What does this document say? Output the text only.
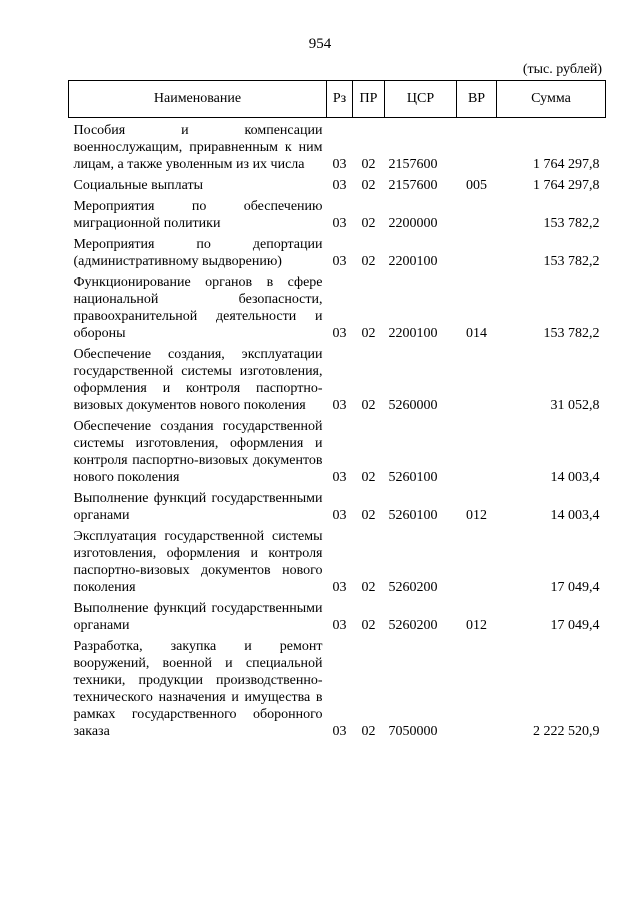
954
(тыс. рублей)
Наименование	Рз	ПР	ЦСР	ВР	Сумма
Пособия и компенсации военнослужащим, приравненным к ним лицам, а также уволенным из их числа	03	02	2157600		1 764 297,8
Социальные выплаты	03	02	2157600	005	1 764 297,8
Мероприятия по обеспечению миграционной политики	03	02	2200000		153 782,2
Мероприятия по депортации (административному выдворению)	03	02	2200100		153 782,2
Функционирование органов в сфере национальной безопасности, правоохранительной деятельности и обороны	03	02	2200100	014	153 782,2
Обеспечение создания, эксплуатации государственной системы изготовления, оформления и контроля паспортно-визовых документов нового поколения	03	02	5260000		31 052,8
Обеспечение создания государственной системы изготовления, оформления и контроля паспортно-визовых документов нового поколения	03	02	5260100		14 003,4
Выполнение функций государственными органами	03	02	5260100	012	14 003,4
Эксплуатация государственной системы изготовления, оформления и контроля паспортно-визовых документов нового поколения	03	02	5260200		17 049,4
Выполнение функций государственными органами	03	02	5260200	012	17 049,4
Разработка, закупка и ремонт вооружений, военной и специальной техники, продукции производственно-технического назначения и имущества в рамках государственного оборонного заказа	03	02	7050000		2 222 520,9
